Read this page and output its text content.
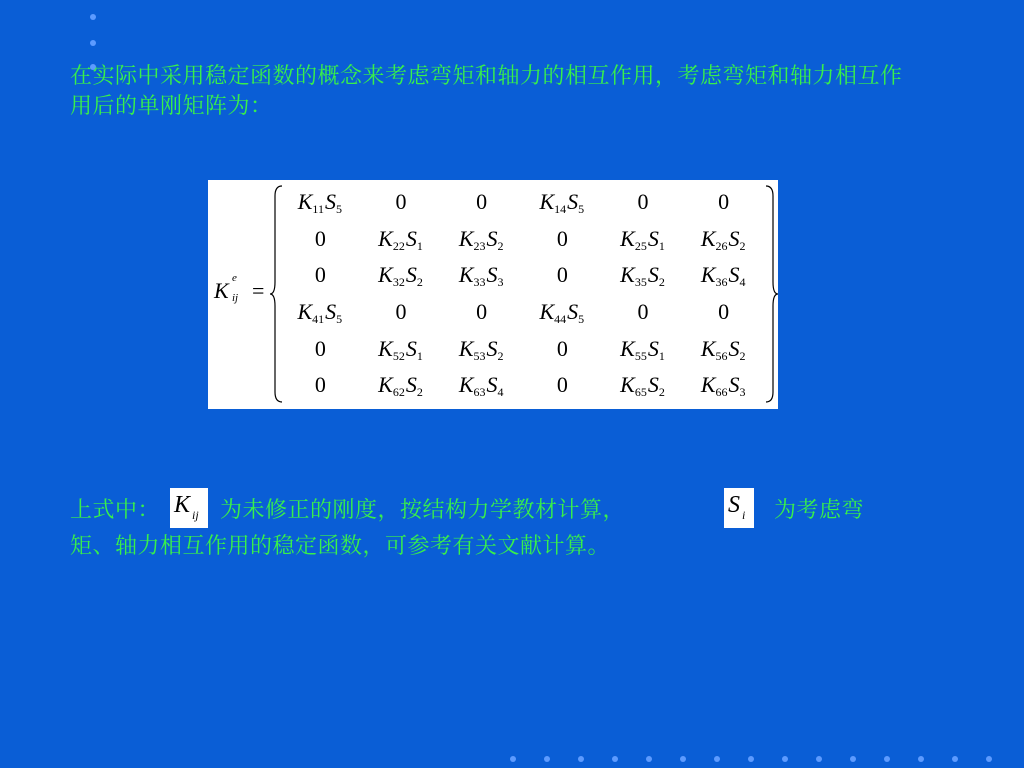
在实际中采用稳定函数的概念来考虑弯矩和轴力的相互作用，考虑弯矩和轴力相互作用后的单刚矩阵为：
K e
ij =
K11S5	0	0	K14S5	0	0
0	K22S1	K23S2	0	K25S1	K26S2
0	K32S2	K33S3	0	K35S2	K36S4
K41S5	0	0	K44S5	0	0
0	K52S1	K53S2	0	K55S1	K56S2
0	K62S2	K63S4	0	K65S2	K66S3
上式中： K ij 为未修正的刚度，按结构力学教材计算，	S i 为考虑弯
矩、轴力相互作用的稳定函数，可参考有关文献计算。
